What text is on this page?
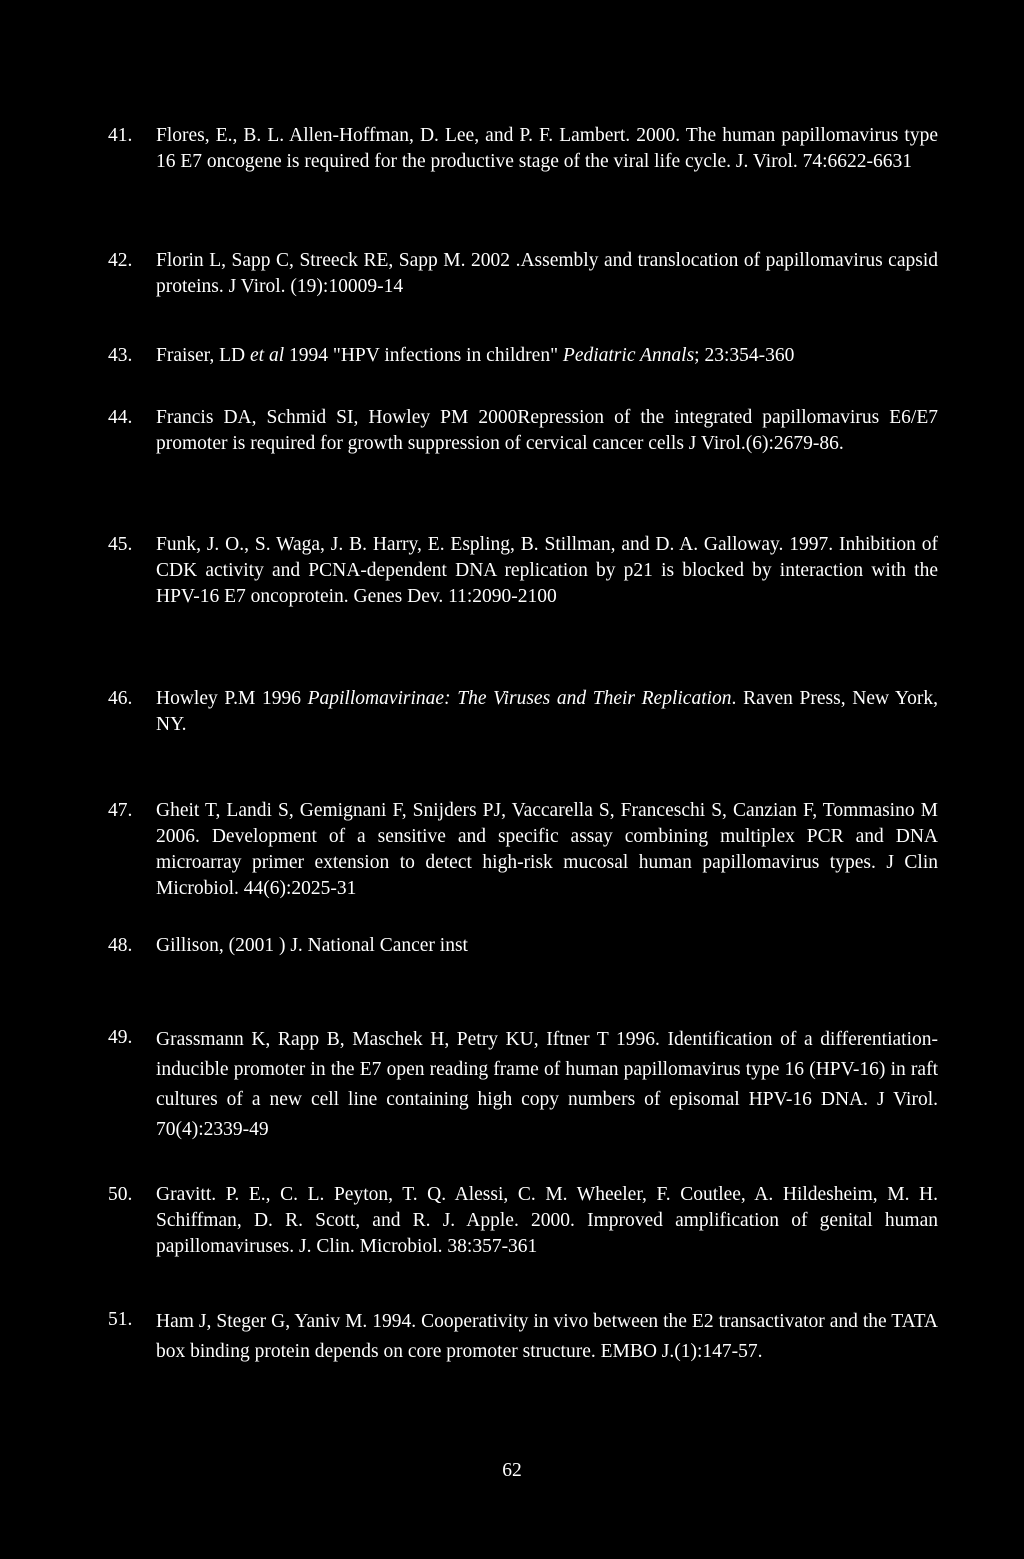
41.	Flores, E., B. L. Allen-Hoffman, D. Lee, and P. F. Lambert. 2000. The human papillomavirus type 16 E7 oncogene is required for the productive stage of the viral life cycle. J. Virol. 74:6622-6631
42.	Florin L, Sapp C, Streeck RE, Sapp M. 2002 .Assembly and translocation of papillomavirus capsid proteins. J Virol. (19):10009-14
43.	Fraiser, LD et al 1994 "HPV infections in children" Pediatric Annals; 23:354-360
44.	Francis DA, Schmid SI, Howley PM 2000Repression of the integrated papillomavirus E6/E7 promoter is required for growth suppression of cervical cancer cells J Virol.(6):2679-86.
45.	Funk, J. O., S. Waga, J. B. Harry, E. Espling, B. Stillman, and D. A. Galloway. 1997. Inhibition of CDK activity and PCNA-dependent DNA replication by p21 is blocked by interaction with the HPV-16 E7 oncoprotein. Genes Dev. 11:2090-2100
46.	Howley P.M 1996 Papillomavirinae: The Viruses and Their Replication. Raven Press, New York, NY.
47.	Gheit T, Landi S, Gemignani F, Snijders PJ, Vaccarella S, Franceschi S, Canzian F, Tommasino M 2006. Development of a sensitive and specific assay combining multiplex PCR and DNA microarray primer extension to detect high-risk mucosal human papillomavirus types. J Clin Microbiol. 44(6):2025-31
48.	Gillison, (2001 ) J. National Cancer inst
49.	Grassmann K, Rapp B, Maschek H, Petry KU, Iftner T 1996. Identification of a differentiation-inducible promoter in the E7 open reading frame of human papillomavirus type 16 (HPV-16) in raft cultures of a new cell line containing high copy numbers of episomal HPV-16 DNA. J Virol. 70(4):2339-49
50.	Gravitt. P. E., C. L. Peyton, T. Q. Alessi, C. M. Wheeler, F. Coutlee, A. Hildesheim, M. H. Schiffman, D. R. Scott, and R. J. Apple. 2000. Improved amplification of genital human papillomaviruses. J. Clin. Microbiol. 38:357-361
51.	Ham J, Steger G, Yaniv M. 1994. Cooperativity in vivo between the E2 transactivator and the TATA box binding protein depends on core promoter structure. EMBO J.(1):147-57.
62
